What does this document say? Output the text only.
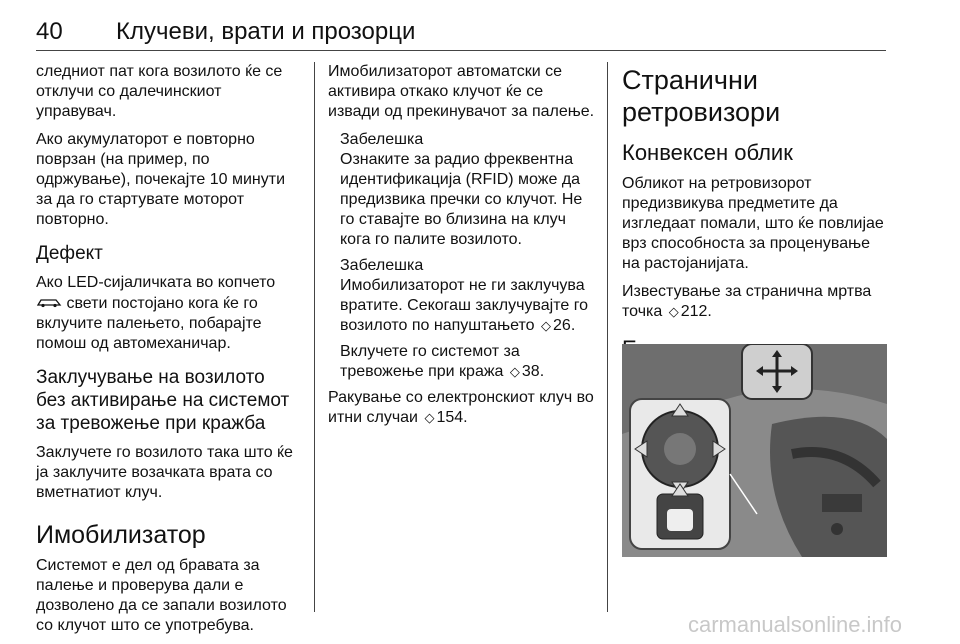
40 Клучеви, врати и прозорци

следниот пат кога возилото ќе се отклучи со далечинскиот управувач.

Ако акумулаторот е повторно поврзан (на пример, по одржување), почекајте 10 минути за да го стартувате моторот повторно.

Дефект

Ако LED-сијаличката во копчето  свети постојано кога ќе го вклучите палењето, побарајте помош од автомеханичар.

Заклучување на возилото без активирање на системот за тревожење при кражба

Заклучете го возилото така што ќе ја заклучите возачката врата со вметнатиот клуч.

Имобилизатор

Системот е дел од бравата за палење и проверува дали е дозволено да се запали возилото со клучот што се употребува.

Имобилизаторот автоматски се активира откако клучот ќе се извади од прекинувачот за палење.

Забелешка

Ознаките за радио фреквентна идентификација (RFID) може да предизвика пречки со клучот. Не го ставајте во близина на клуч кога го палите возилото.

Забелешка

Имобилизаторот не ги заклучува вратите. Секогаш заклучувајте го возилото по напуштањето ◇ 26.

Вклучете го системот за тревожење при кража ◇ 38.

Ракување со електронскиот клуч во итни случаи ◇ 154.

Странични ретровизори
Конвексен облик

Обликот на ретровизорот предизвикува предметите да изгледаат помали, што ќе повлијае врз способноста за проценување на растојанијата.

Известување за странична мртва точка ◇ 212.

carmanualsonline.info
